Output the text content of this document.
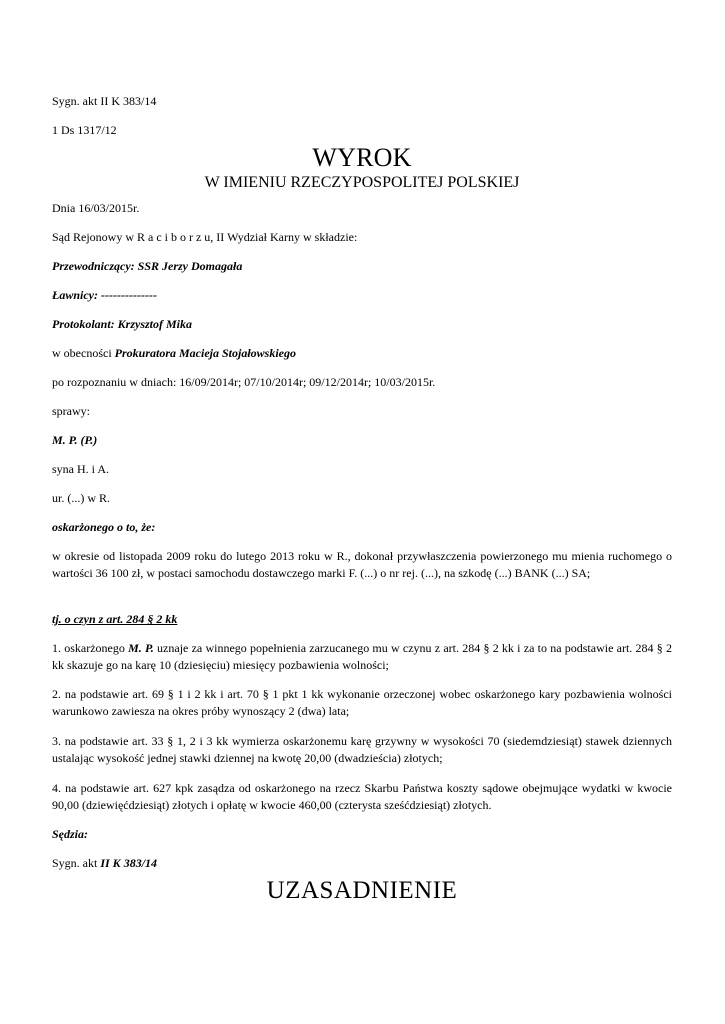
Sygn. akt II K 383/14

1 Ds 1317/12

WYROK

W IMIENIU RZECZYPOSPOLITEJ POLSKIEJ

Dnia 16/03/2015r.

Sąd Rejonowy w R a c i b o r z u, II Wydział Karny w składzie:

Przewodniczący: SSR Jerzy Domagała

Ławnicy: --------------

Protokolant: Krzysztof Mika

w obecności Prokuratora Macieja Stojałowskiego

po rozpoznaniu w dniach: 16/09/2014r; 07/10/2014r; 09/12/2014r; 10/03/2015r.

sprawy:

M. P. (P.)

syna H. i A.

ur. (...) w R.

oskarżonego o to, że:

w okresie od listopada 2009 roku do lutego 2013 roku w R., dokonał przywłaszczenia powierzonego mu mienia ruchomego o wartości 36 100 zł, w postaci samochodu dostawczego marki F. (...) o nr rej. (...), na szkodę (...) BANK (...) SA;

tj. o czyn z art. 284 § 2 kk

1. oskarżonego M. P. uznaje za winnego popełnienia zarzucanego mu w czynu z art. 284 § 2 kk i za to na podstawie art. 284 § 2 kk skazuje go na karę 10 (dziesięciu) miesięcy pozbawienia wolności;

2. na podstawie art. 69 § 1 i 2 kk i art. 70 § 1 pkt 1 kk wykonanie orzeczonej wobec oskarżonego kary pozbawienia wolności warunkowo zawiesza na okres próby wynoszący 2 (dwa) lata;

3. na podstawie art. 33 § 1, 2 i 3 kk wymierza oskarżonemu karę grzywny w wysokości 70 (siedemdziesiąt) stawek dziennych ustalając wysokość jednej stawki dziennej na kwotę 20,00 (dwadzieścia) złotych;

4. na podstawie art. 627 kpk zasądza od oskarżonego na rzecz Skarbu Państwa koszty sądowe obejmujące wydatki w kwocie 90,00 (dziewięćdziesiąt) złotych i opłatę w kwocie 460,00 (czterysta sześćdziesiąt) złotych.

Sędzia:

Sygn. akt II K 383/14

UZASADNIENIE
